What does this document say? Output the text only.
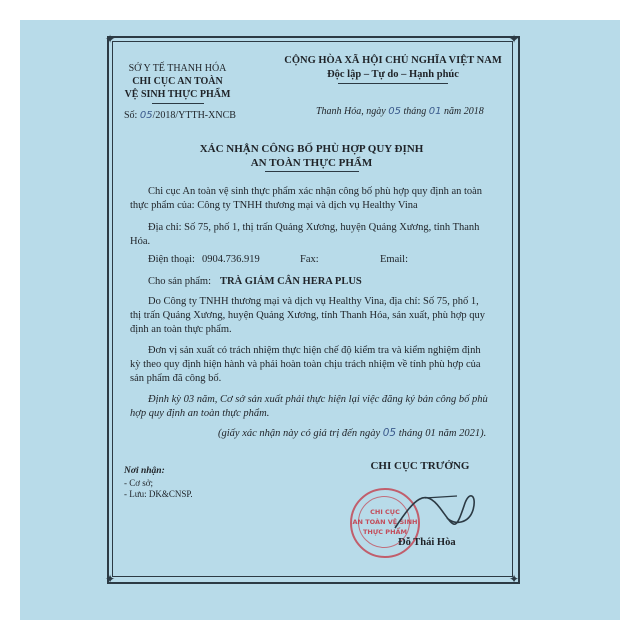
✦	✦
✦	✦
SỞ Y TẾ THANH HÓA
CHI CỤC AN TOÀN
VỆ SINH THỰC PHẨM
CỘNG HÒA XÃ HỘI CHỦ NGHĨA VIỆT NAM
Độc lập – Tự do – Hạnh phúc
Số: 05/2018/YTTH-XNCB	Thanh Hóa, ngày 05 tháng 01 năm 2018
XÁC NHẬN CÔNG BỐ PHÙ HỢP QUY ĐỊNH
AN TOÀN THỰC PHẨM
Chi cục An toàn vệ sinh thực phẩm xác nhận công bố phù hợp quy định an toàn thực phẩm của: Công ty TNHH thương mại và dịch vụ Healthy Vina
Địa chỉ: Số 75, phố 1, thị trấn Quảng Xương, huyện Quảng Xương, tỉnh Thanh Hóa.
Điện thoại: 0904.736.919	Fax:	Email:
Cho sản phẩm: TRÀ GIẢM CÂN HERA PLUS
Do Công ty TNHH thương mại và dịch vụ Healthy Vina, địa chỉ: Số 75, phố 1, thị trấn Quảng Xương, huyện Quảng Xương, tỉnh Thanh Hóa, sản xuất, phù hợp quy định an toàn thực phẩm.
Đơn vị sản xuất có trách nhiệm thực hiện chế độ kiểm tra và kiểm nghiệm định kỳ theo quy định hiện hành và phải hoàn toàn chịu trách nhiệm về tính phù hợp của sản phẩm đã công bố.
Định kỳ 03 năm, Cơ sở sản xuất phải thực hiện lại việc đăng ký bản công bố phù hợp quy định an toàn thực phẩm.
(giấy xác nhận này có giá trị đến ngày 05 tháng 01 năm 2021).
Nơi nhận:
- Cơ sở;
- Lưu: DK&CNSP.
CHI CỤC TRƯỞNG
CHI CỤC
AN TOÀN VỆ SINH
THỰC PHẨM
Đỗ Thái Hòa
